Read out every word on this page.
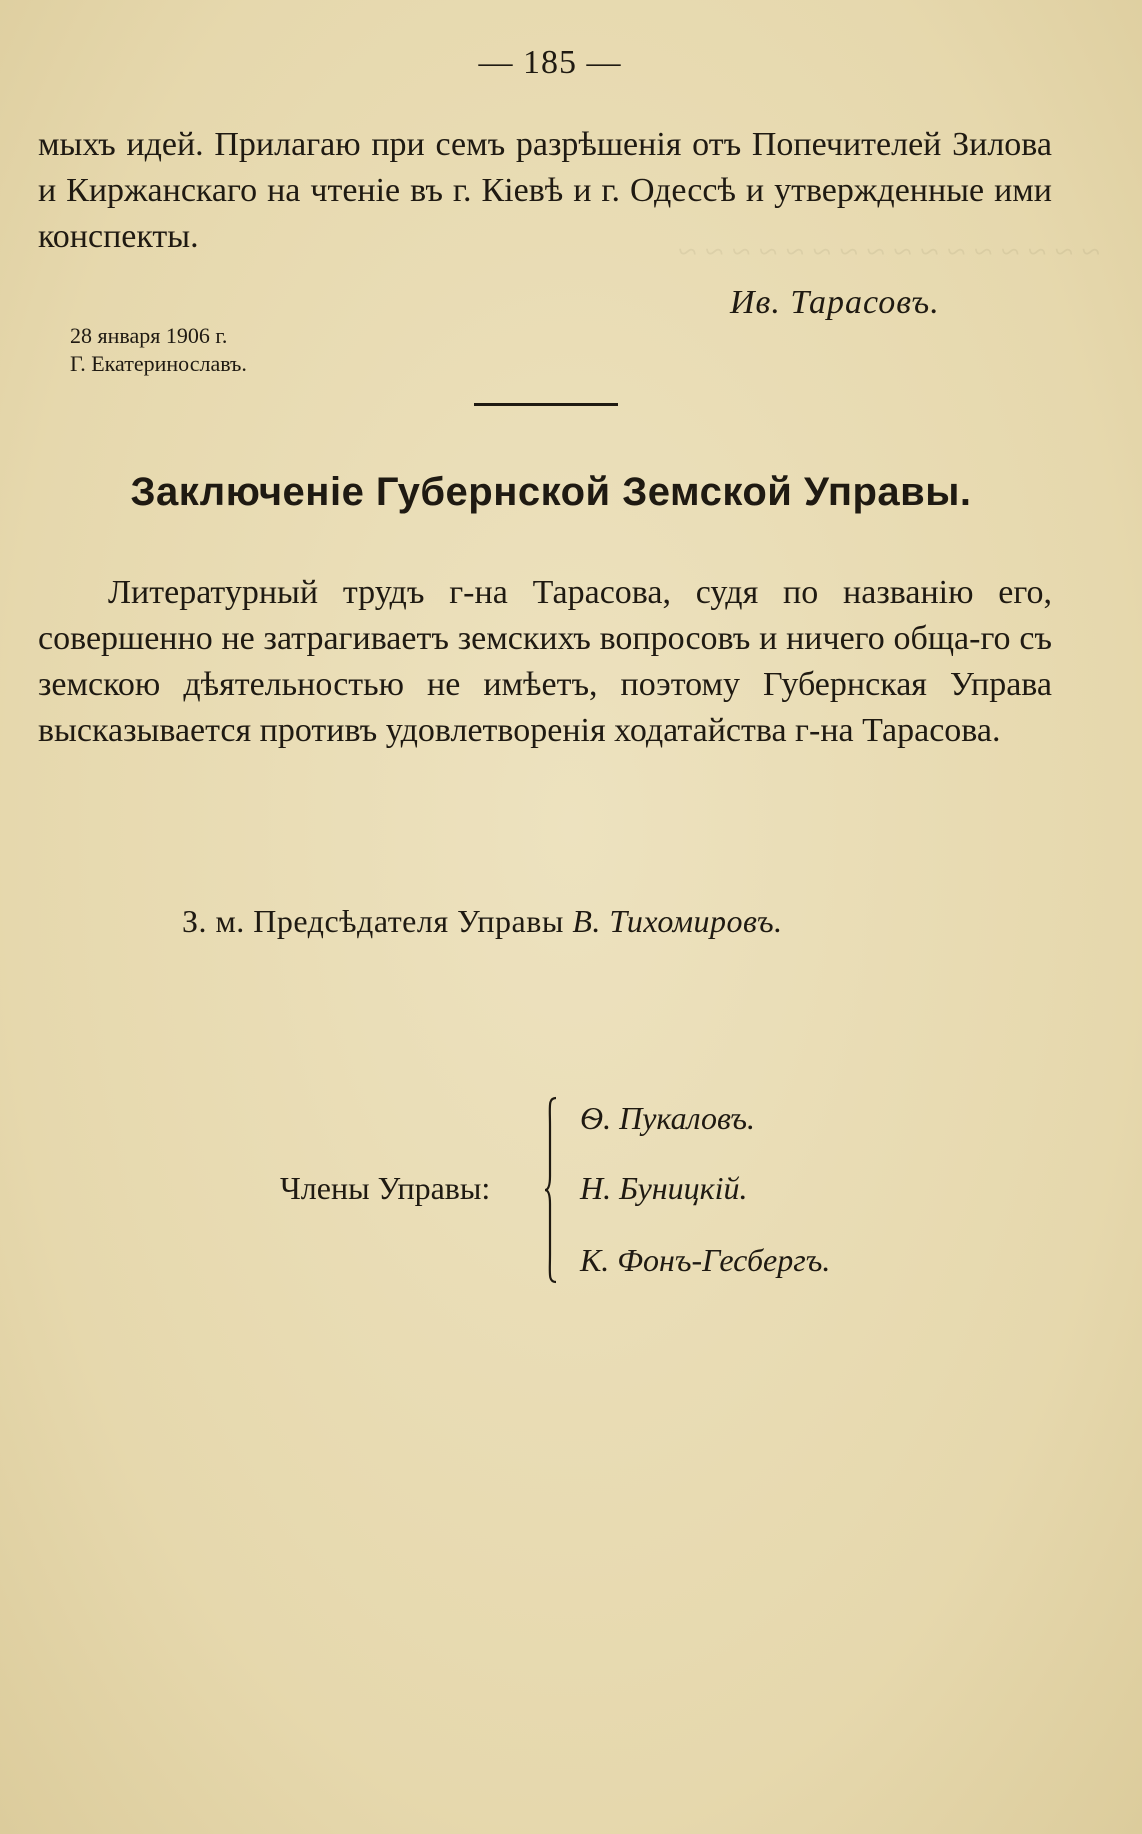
~ ~ ~ ~ ~ ~ ~ ~ ~ ~ ~ ~ ~ ~ ~ ~
— 185 —
мыхъ идей. Прилагаю при семъ разрѣшенія отъ Попечителей Зилова и Киржанскаго на чтеніе въ г. Кіевѣ и г. Одессѣ и утвержденные ими конспекты.
Ив. Тарасовъ.
28 января 1906 г.
Г. Екатеринославъ.
Заключеніе Губернской Земской Управы.
Литературный трудъ г-на Тарасова, судя по названію его, совершенно не затрагиваетъ земскихъ вопросовъ и ничего обща-го съ земскою дѣятельностью не имѣетъ, поэтому Губернская Управа высказывается противъ удовлетворенія ходатайства г-на Тарасова.
З. м. Предсѣдателя Управы В. Тихомировъ.
Члены Управы:
Ѳ. Пукаловъ.
Н. Буницкій.
К. Фонъ-Гесбергъ.
